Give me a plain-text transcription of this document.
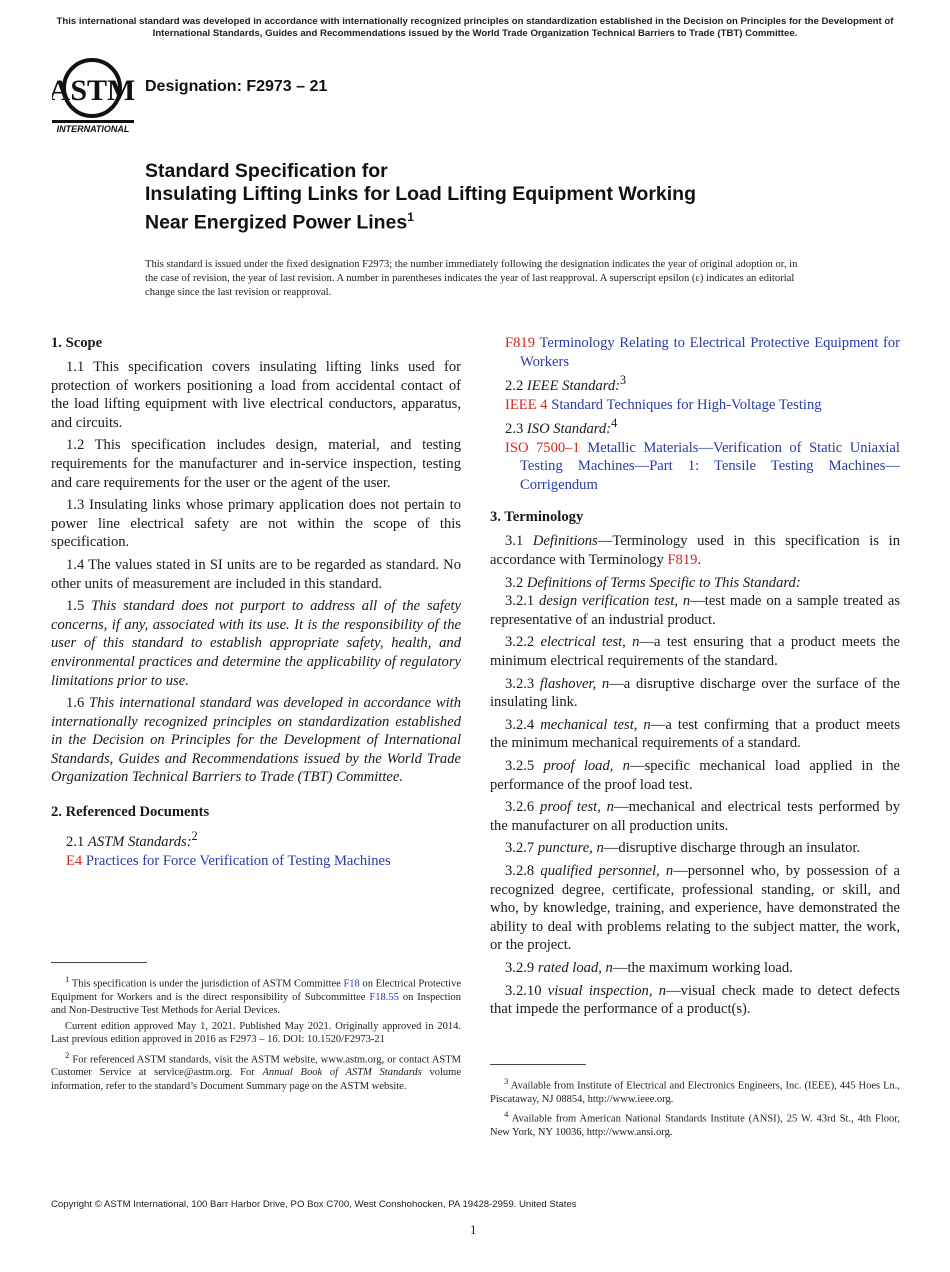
This international standard was developed in accordance with internationally recognized principles on standardization established in the Decision on Principles for the Development of International Standards, Guides and Recommendations issued by the World Trade Organization Technical Barriers to Trade (TBT) Committee.
ASTM
INTERNATIONAL
Designation: F2973 – 21
Standard Specification for
Insulating Lifting Links for Load Lifting Equipment Working
Near Energized Power Lines$^1$
This standard is issued under the fixed designation F2973; the number immediately following the designation indicates the year of original adoption or, in the case of revision, the year of last revision. A number in parentheses indicates the year of last reapproval. A superscript epsilon (ε) indicates an editorial change since the last revision or reapproval.
1. Scope

1.1 This specification covers insulating lifting links used for protection of workers positioning a load from accidental contact of the load lifting equipment with live electrical conductors, apparatus, and circuits.

1.2 This specification includes design, material, and testing requirements for the manufacturer and in-service inspection, testing and care requirements for the user or the agent of the user.

1.3 Insulating links whose primary application does not pertain to power line electrical safety are not within the scope of this specification.

1.4 The values stated in SI units are to be regarded as standard. No other units of measurement are included in this standard.

1.5 This standard does not purport to address all of the safety concerns, if any, associated with its use. It is the responsibility of the user of this standard to establish appropriate safety, health, and environmental practices and determine the applicability of regulatory limitations prior to use.

1.6 This international standard was developed in accordance with internationally recognized principles on standardization established in the Decision on Principles for the Development of International Standards, Guides and Recommendations issued by the World Trade Organization Technical Barriers to Trade (TBT) Committee.

2. Referenced Documents

2.1 ASTM Standards:$^2$

E4 Practices for Force Verification of Testing Machines

$^1$ This specification is under the jurisdiction of ASTM Committee F18 on Electrical Protective Equipment for Workers and is the direct responsibility of Subcommittee F18.55 on Inspection and Non-Destructive Test Methods for Aerial Devices.

Current edition approved May 1, 2021. Published May 2021. Originally approved in 2014. Last previous edition approved in 2016 as F2973 – 16. DOI: 10.1520/F2973-21

$^2$ For referenced ASTM standards, visit the ASTM website, www.astm.org, or contact ASTM Customer Service at service@astm.org. For Annual Book of ASTM Standards volume information, refer to the standard’s Document Summary page on the ASTM website.

F819 Terminology Relating to Electrical Protective Equipment for Workers

2.2 IEEE Standard:$^3$

IEEE 4 Standard Techniques for High-Voltage Testing

2.3 ISO Standard:$^4$

ISO 7500–1 Metallic Materials—Verification of Static Uniaxial Testing Machines—Part 1: Tensile Testing Machines—Corrigendum

3. Terminology

3.1 Definitions—Terminology used in this specification is in accordance with Terminology F819.

3.2 Definitions of Terms Specific to This Standard:

3.2.1 design verification test, n—test made on a sample treated as representative of an industrial product.

3.2.2 electrical test, n—a test ensuring that a product meets the minimum electrical requirements of the standard.

3.2.3 flashover, n—a disruptive discharge over the surface of the insulating link.

3.2.4 mechanical test, n—a test confirming that a product meets the minimum mechanical requirements of a standard.

3.2.5 proof load, n—specific mechanical load applied in the performance of the proof load test.

3.2.6 proof test, n—mechanical and electrical tests performed by the manufacturer on all production units.

3.2.7 puncture, n—disruptive discharge through an insulator.

3.2.8 qualified personnel, n—personnel who, by possession of a recognized degree, certificate, professional standing, or skill, and who, by knowledge, training, and experience, have demonstrated the ability to deal with problems relating to the subject matter, the work, or the project.

3.2.9 rated load, n—the maximum working load.

3.2.10 visual inspection, n—visual check made to detect defects that impede the performance of a product(s).

$^3$ Available from Institute of Electrical and Electronics Engineers, Inc. (IEEE), 445 Hoes Ln., Piscataway, NJ 08854, http://www.ieee.org.

$^4$ Available from American National Standards Institute (ANSI), 25 W. 43rd St., 4th Floor, New York, NY 10036, http://www.ansi.org.

Copyright © ASTM International, 100 Barr Harbor Drive, PO Box C700, West Conshohocken, PA 19428-2959. United States
1
